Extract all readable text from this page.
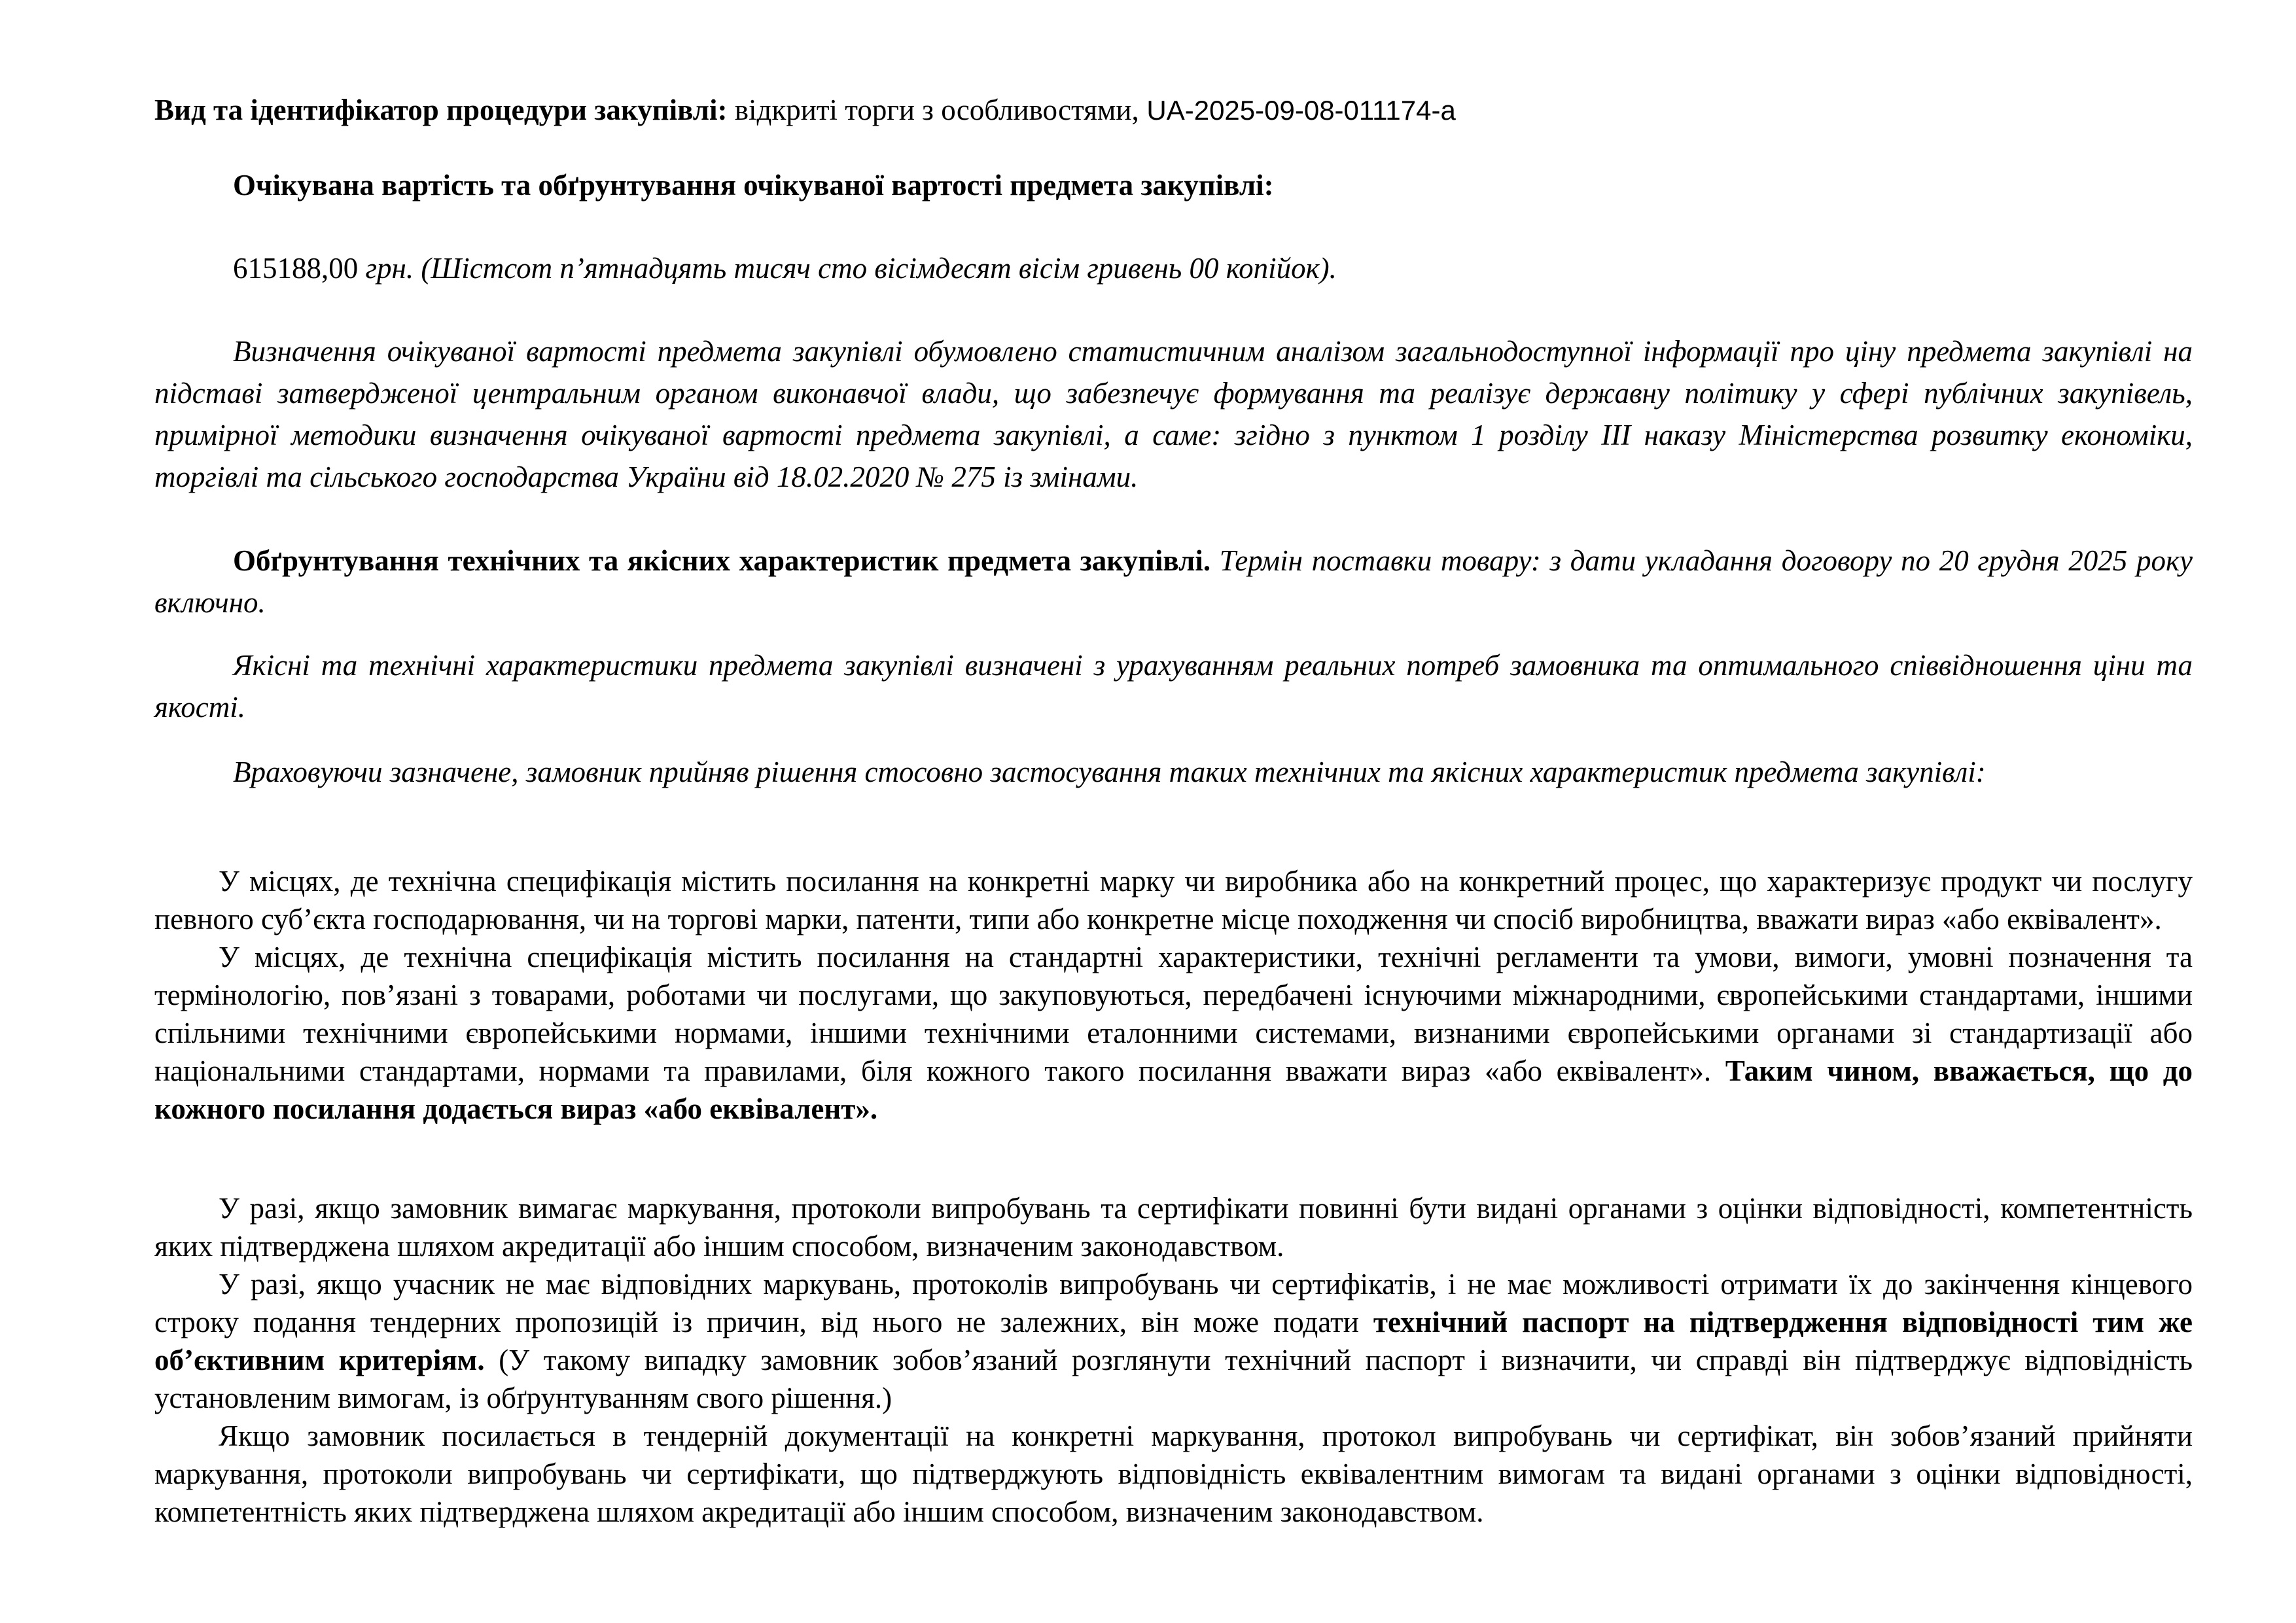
Вид та ідентифікатор процедури закупівлі: відкриті торги з особливостями, UA-2025-09-08-011174-a

Очікувана вартість та обґрунтування очікуваної вартості предмета закупівлі:

615188,00 грн. (Шістсот п’ятнадцять тисяч сто вісімдесят вісім гривень 00 копійок).

Визначення очікуваної вартості предмета закупівлі обумовлено статистичним аналізом загальнодоступної інформації про ціну предмета закупівлі на підставі затвердженої центральним органом виконавчої влади, що забезпечує формування та реалізує державну політику у сфері публічних закупівель, примірної методики визначення очікуваної вартості предмета закупівлі, а саме: згідно з пунктом 1 розділу ІІІ наказу Міністерства розвитку економіки, торгівлі та сільського господарства України від 18.02.2020 № 275 із змінами.

Обґрунтування технічних та якісних характеристик предмета закупівлі. Термін поставки товару: з дати укладання договору по 20 грудня 2025 року включно.

Якісні та технічні характеристики предмета закупівлі визначені з урахуванням реальних потреб замовника та оптимального співвідношення ціни та якості.

Враховуючи зазначене, замовник прийняв рішення стосовно застосування таких технічних та якісних характеристик предмета закупівлі:

У місцях, де технічна специфікація містить посилання на конкретні марку чи виробника або на конкретний процес, що характеризує продукт чи послугу певного суб’єкта господарювання, чи на торгові марки, патенти, типи або конкретне місце походження чи спосіб виробництва, вважати вираз «або еквівалент».

У місцях, де технічна специфікація містить посилання на стандартні характеристики, технічні регламенти та умови, вимоги, умовні позначення та термінологію, пов’язані з товарами, роботами чи послугами, що закуповуються, передбачені існуючими міжнародними, європейськими стандартами, іншими спільними технічними європейськими нормами, іншими технічними еталонними системами, визнаними європейськими органами зі стандартизації або національними стандартами, нормами та правилами, біля кожного такого посилання вважати вираз «або еквівалент». Таким чином, вважається, що до кожного посилання додається вираз «або еквівалент».

У разі, якщо замовник вимагає маркування, протоколи випробувань та сертифікати повинні бути видані органами з оцінки відповідності, компетентність яких підтверджена шляхом акредитації або іншим способом, визначеним законодавством.

У разі, якщо учасник не має відповідних маркувань, протоколів випробувань чи сертифікатів, і не має можливості отримати їх до закінчення кінцевого строку подання тендерних пропозицій із причин, від нього не залежних, він може подати технічний паспорт на підтвердження відповідності тим же об’єктивним критеріям. (У такому випадку замовник зобов’язаний розглянути технічний паспорт і визначити, чи справді він підтверджує відповідність установленим вимогам, із обґрунтуванням свого рішення.)

Якщо замовник посилається в тендерній документації на конкретні маркування, протокол випробувань чи сертифікат, він зобов’язаний прийняти маркування, протоколи випробувань чи сертифікати, що підтверджують відповідність еквівалентним вимогам та видані органами з оцінки відповідності, компетентність яких підтверджена шляхом акредитації або іншим способом, визначеним законодавством.
